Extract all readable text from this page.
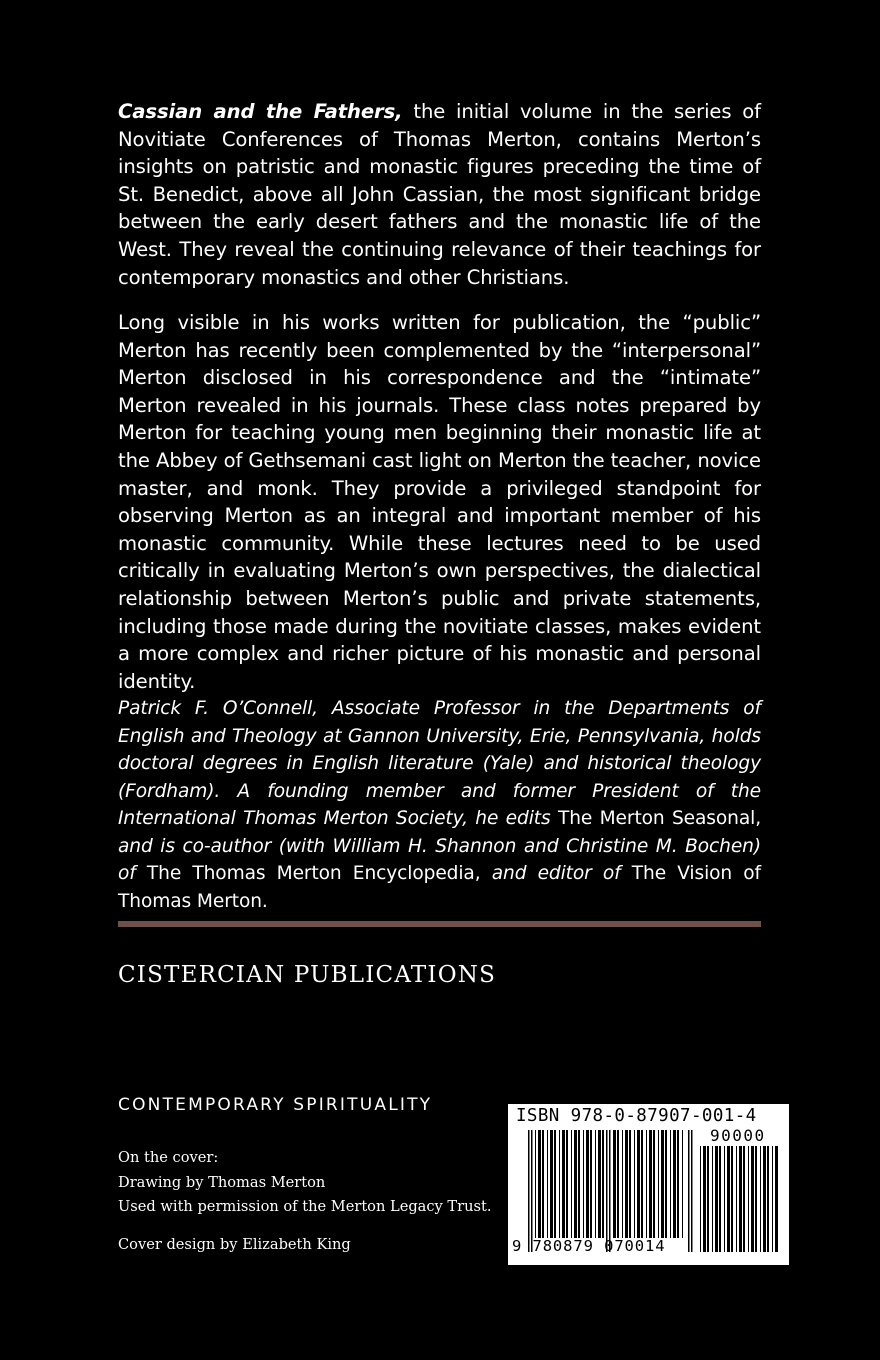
Cassian and the Fathers, the initial volume in the series of Novitiate Conferences of Thomas Merton, contains Merton’s insights on patristic and monastic figures preceding the time of St. Benedict, above all John Cassian, the most significant bridge between the early desert fathers and the monastic life of the West. They reveal the continuing relevance of their teachings for contemporary monastics and other Christians.
Long visible in his works written for publication, the “public” Merton has recently been complemented by the “interpersonal” Merton disclosed in his correspondence and the “intimate” Merton revealed in his journals. These class notes prepared by Merton for teaching young men beginning their monastic life at the Abbey of Gethsemani cast light on Merton the teacher, novice master, and monk. They provide a privileged standpoint for observing Merton as an integral and important member of his monastic community. While these lectures need to be used critically in evaluating Merton’s own perspectives, the dialectical relationship between Merton’s public and private statements, including those made during the novitiate classes, makes evident a more complex and richer picture of his monastic and personal identity.
Patrick F. O’Connell, Associate Professor in the Departments of English and Theology at Gannon University, Erie, Pennsylvania, holds doctoral degrees in English literature (Yale) and historical theology (Fordham). A founding member and former President of the International Thomas Merton Society, he edits The Merton Seasonal, and is co-author (with William H. Shannon and Christine M. Bochen) of The Thomas Merton Encyclopedia, and editor of The Vision of Thomas Merton.
CISTERCIAN PUBLICATIONS
CONTEMPORARY SPIRITUALITY
On the cover:
Drawing by Thomas Merton
Used with permission of the Merton Legacy Trust.
Cover design by Elizabeth King
ISBN 978-0-87907-001-4
90000
9 780879 070014
